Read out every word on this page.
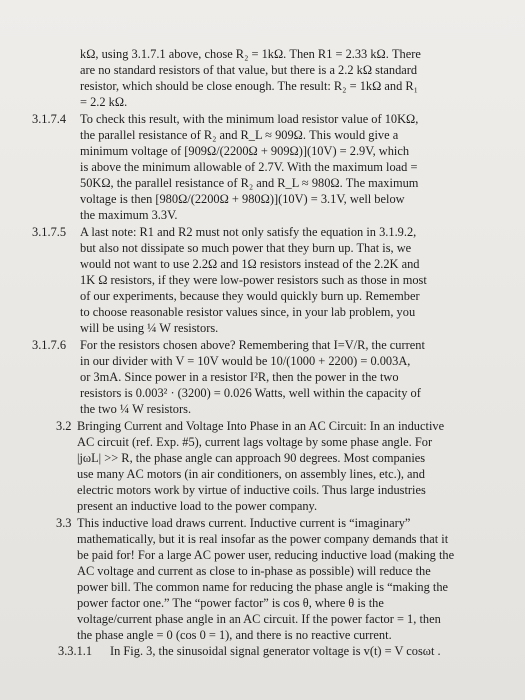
kΩ, using 3.1.7.1 above, chose R₂ = 1kΩ. Then R1 = 2.33 kΩ. There
are no standard resistors of that value, but there is a 2.2 kΩ standard
resistor, which should be close enough. The result: R₂ = 1kΩ and R₁
= 2.2 kΩ.
3.1.7.4 To check this result, with the minimum load resistor value of 10KΩ,
the parallel resistance of R₂ and R_L ≈ 909Ω. This would give a
minimum voltage of [909Ω/(2200Ω + 909Ω)](10V) = 2.9V, which
is above the minimum allowable of 2.7V. With the maximum load =
50KΩ, the parallel resistance of R₂ and R_L ≈ 980Ω. The maximum
voltage is then [980Ω/(2200Ω + 980Ω)](10V) = 3.1V, well below
the maximum 3.3V.
3.1.7.5 A last note: R1 and R2 must not only satisfy the equation in 3.1.9.2,
but also not dissipate so much power that they burn up. That is, we
would not want to use 2.2Ω and 1Ω resistors instead of the 2.2K and
1K Ω resistors, if they were low-power resistors such as those in most
of our experiments, because they would quickly burn up. Remember
to choose reasonable resistor values since, in your lab problem, you
will be using ¼ W resistors.
3.1.7.6 For the resistors chosen above? Remembering that I=V/R, the current
in our divider with V = 10V would be 10/(1000 + 2200) = 0.003A,
or 3mA. Since power in a resistor I²R, then the power in the two
resistors is 0.003² · (3200) = 0.026 Watts, well within the capacity of
the two ¼ W resistors.
3.2 Bringing Current and Voltage Into Phase in an AC Circuit: In an inductive
AC circuit (ref. Exp. #5), current lags voltage by some phase angle. For
|jωL| >> R, the phase angle can approach 90 degrees. Most companies
use many AC motors (in air conditioners, on assembly lines, etc.), and
electric motors work by virtue of inductive coils. Thus large industries
present an inductive load to the power company.
3.3 This inductive load draws current. Inductive current is “imaginary”
mathematically, but it is real insofar as the power company demands that it
be paid for! For a large AC power user, reducing inductive load (making the
AC voltage and current as close to in-phase as possible) will reduce the
power bill. The common name for reducing the phase angle is “making the
power factor one.” The “power factor” is cos θ, where θ is the
voltage/current phase angle in an AC circuit. If the power factor = 1, then
the phase angle = 0 (cos 0 = 1), and there is no reactive current.
3.3.1.1 In Fig. 3, the sinusoidal signal generator voltage is v(t) = V cosωt .
